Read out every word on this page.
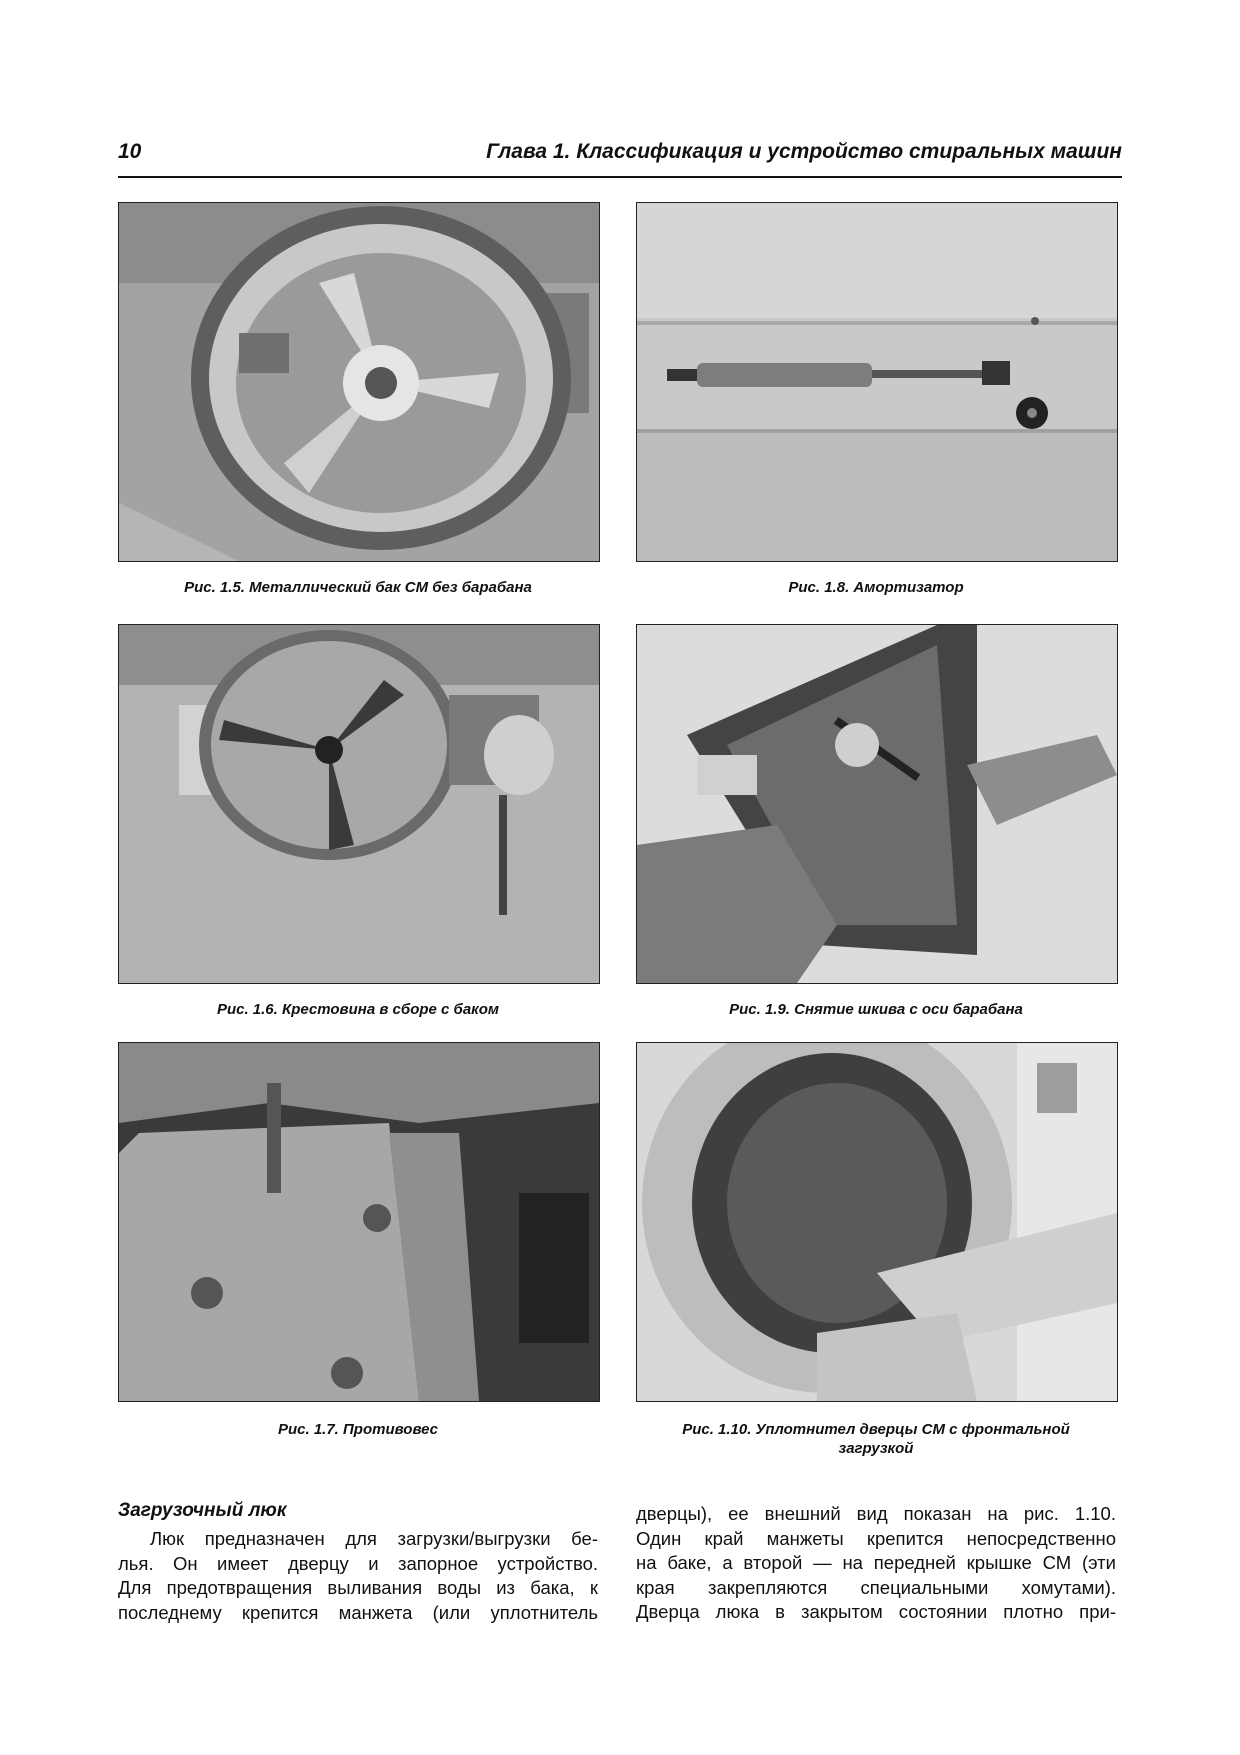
10	Глава 1. Классификация и устройство стиральных машин
Рис. 1.5. Металлический бак СМ без барабана	Рис. 1.8. Амортизатор
Рис. 1.6. Крестовина в сборе с баком	Рис. 1.9. Снятие шкива с оси барабана
Рис. 1.7. Противовес	Рис. 1.10. Уплотнител дверцы СМ с фронтальной
загрузкой
Загрузочный люк
Люк предназначен для загрузки/выгрузки бе-
лья. Он имеет дверцу и запорное устройство.
Для предотвращения выливания воды из бака, к
последнему крепится манжета (или уплотнитель
дверцы), ее внешний вид показан на рис. 1.10.
Один край манжеты крепится непосредственно
на баке, а второй — на передней крышке СМ (эти
края закрепляются специальными хомутами).
Дверца люка в закрытом состоянии плотно при-
